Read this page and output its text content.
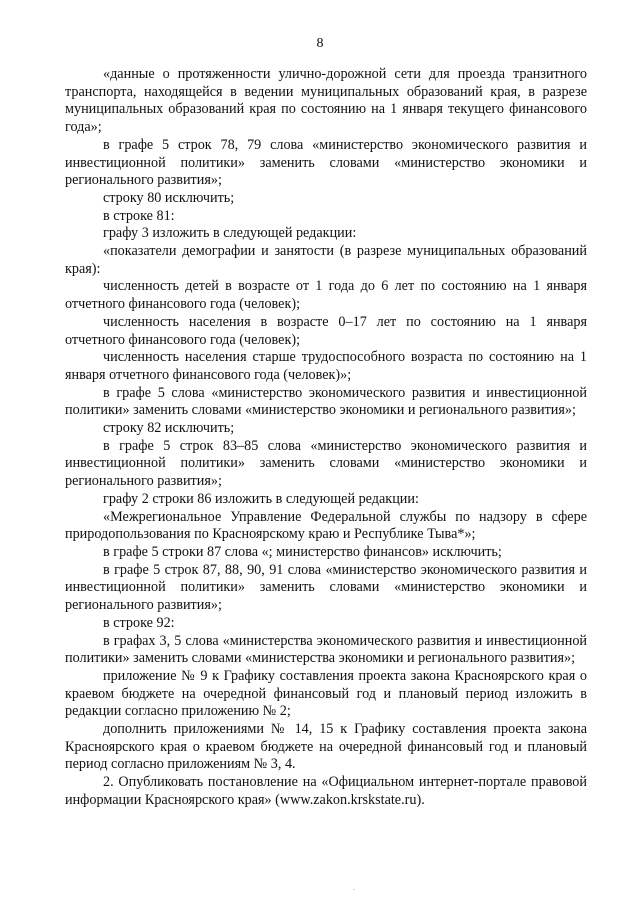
8

«данные о протяженности улично-дорожной сети для проезда транзитного транспорта, находящейся в ведении муниципальных образований края, в разрезе муниципальных образований края по состоянию на 1 января текущего финансового года»;

в графе 5 строк 78, 79 слова «министерство экономического развития и инвестиционной политики» заменить словами «министерство экономики и регионального развития»;

строку 80 исключить;

в строке 81:

графу 3 изложить в следующей редакции:

«показатели демографии и занятости (в разрезе муниципальных образований края):

численность детей в возрасте от 1 года до 6 лет по состоянию на 1 января отчетного финансового года (человек);

численность населения в возрасте 0–17 лет по состоянию на 1 января отчетного финансового года (человек);

численность населения старше трудоспособного возраста по состоянию на 1 января отчетного финансового года (человек)»;

в графе 5 слова «министерство экономического развития и инвестиционной политики» заменить словами «министерство экономики и регионального развития»;

строку 82 исключить;

в графе 5 строк 83–85 слова «министерство экономического развития и инвестиционной политики» заменить словами «министерство экономики и регионального развития»;

графу 2 строки 86 изложить в следующей редакции:

«Межрегиональное Управление Федеральной службы по надзору в сфере природопользования по Красноярскому краю и Республике Тыва*»;

в графе 5 строки 87 слова «; министерство финансов» исключить;

в графе 5 строк 87, 88, 90, 91 слова «министерство экономического развития и инвестиционной политики» заменить словами «министерство экономики и регионального развития»;

в строке 92:

в графах 3, 5 слова «министерства экономического развития и инвестиционной политики» заменить словами «министерства экономики и регионального развития»;

приложение № 9 к Графику составления проекта закона Красноярского края о краевом бюджете на очередной финансовый год и плановый период изложить в редакции согласно приложению № 2;

дополнить приложениями № 14, 15 к Графику составления проекта закона Красноярского края о краевом бюджете на очередной финансовый год и плановый период согласно приложениям № 3, 4.

2. Опубликовать постановление на «Официальном интернет-портале правовой информации Красноярского края» (www.zakon.krskstate.ru).

·
